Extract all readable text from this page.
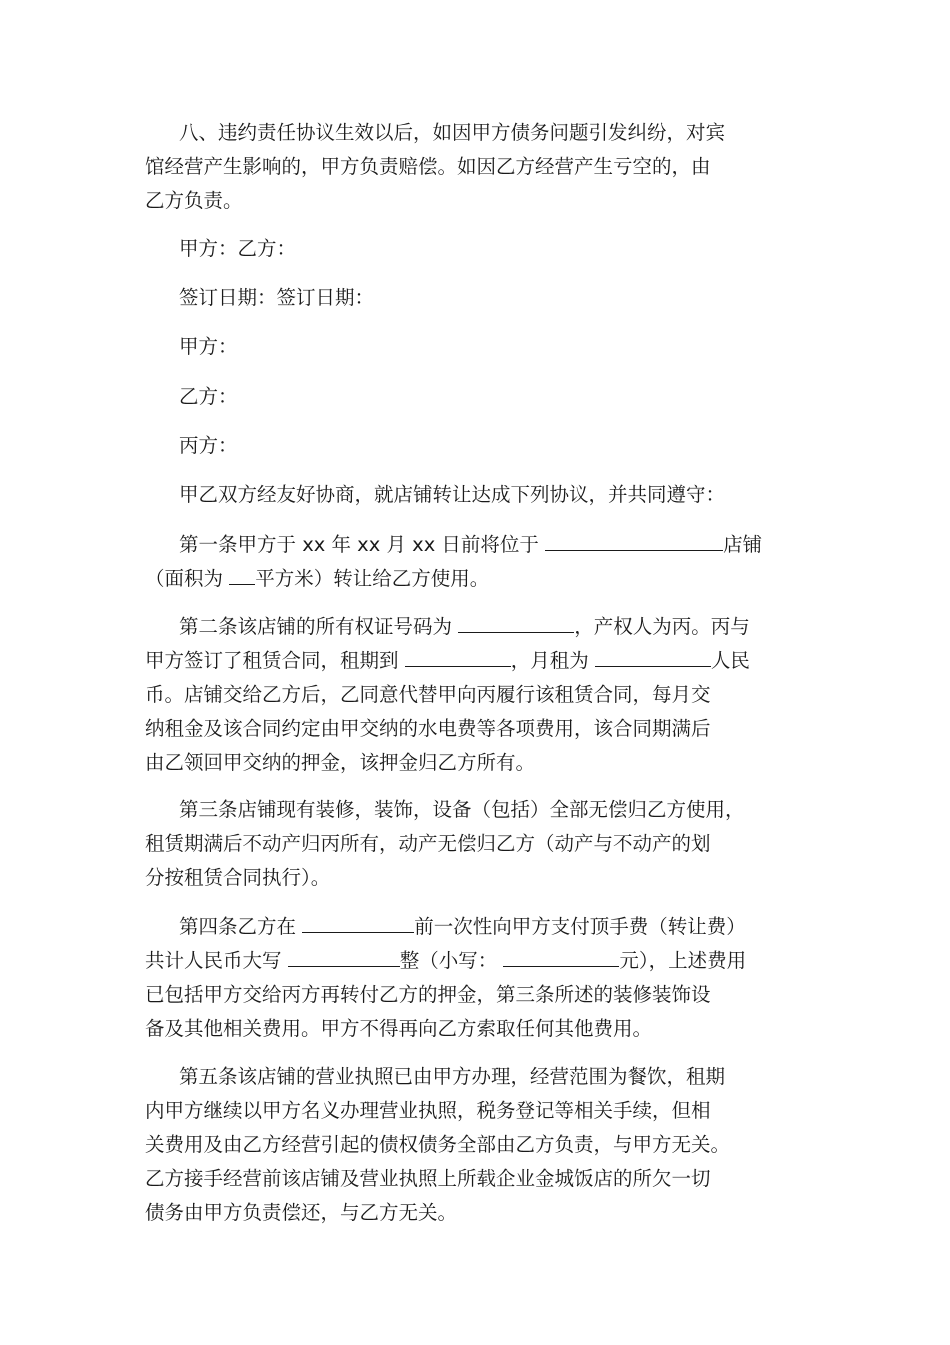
八、违约责任协议生效以后，如因甲方债务问题引发纠纷，对宾
馆经营产生影响的，甲方负责赔偿。如因乙方经营产生亏空的，由
乙方负责。
甲方：乙方：
签订日期：签订日期：
甲方：
乙方：
丙方：
甲乙双方经友好协商，就店铺转让达成下列协议，并共同遵守：
第一条甲方于 xx 年 xx 月 xx 日前将位于	店铺
（面积为 平方米）转让给乙方使用。
第二条该店铺的所有权证号码为	，产权人为丙。丙与
甲方签订了租赁合同，租期到	，月租为	人民
币。店铺交给乙方后，乙同意代替甲向丙履行该租赁合同，每月交
纳租金及该合同约定由甲交纳的水电费等各项费用，该合同期满后
由乙领回甲交纳的押金，该押金归乙方所有。
第三条店铺现有装修，装饰，设备（包括）全部无偿归乙方使用，
租赁期满后不动产归丙所有，动产无偿归乙方（动产与不动产的划
分按租赁合同执行）。
第四条乙方在	前一次性向甲方支付顶手费（转让费）
共计人民币大写	整（小写：	元），上述费用
已包括甲方交给丙方再转付乙方的押金，第三条所述的装修装饰设
备及其他相关费用。甲方不得再向乙方索取任何其他费用。
第五条该店铺的营业执照已由甲方办理，经营范围为餐饮，租期
内甲方继续以甲方名义办理营业执照，税务登记等相关手续，但相
关费用及由乙方经营引起的债权债务全部由乙方负责，与甲方无关。
乙方接手经营前该店铺及营业执照上所载企业金城饭店的所欠一切
债务由甲方负责偿还，与乙方无关。
